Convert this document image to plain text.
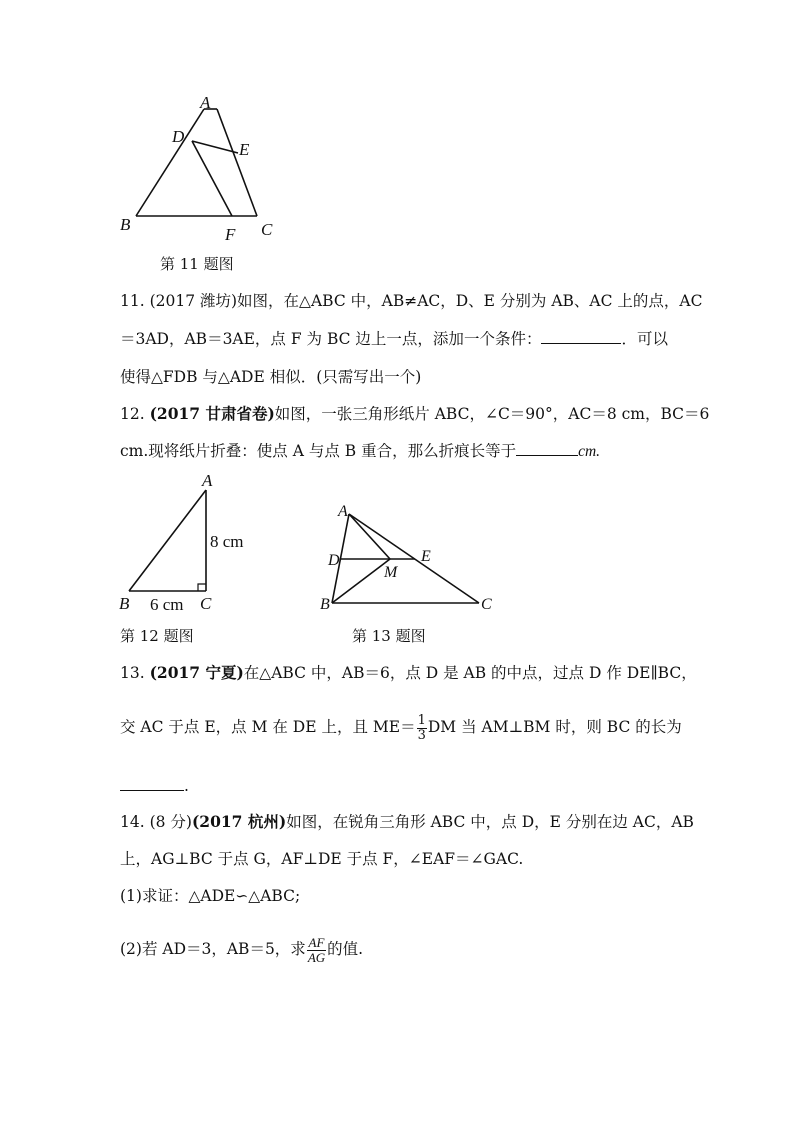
A
D
E
B
F C
第 11 题图
11. (2017 潍坊)如图，在△ABC 中，AB≠AC，D、E 分别为 AB、AC 上的点，AC
＝3AD，AB＝3AE，点 F 为 BC 边上一点，添加一个条件：	．可以
使得△FDB 与△ADE 相似．(只需写出一个)
12. (2017 甘肃省卷)如图，一张三角形纸片 ABC，∠C＝90°，AC＝8 cm，BC＝6
cm.现将纸片折叠：使点 A 与点 B 重合，那么折痕长等于	cm.
A
B	C
8 cm
6 cm
第 12 题图
A
D	E
M
B	C
第 13 题图
13. (2017 宁夏)在△ABC 中，AB＝6，点 D 是 AB 的中点，过点 D 作 DE∥BC，
交 AC 于点 E，点 M 在 DE 上，且 $ME= \frac{1}{3}$ DM 当 AM⊥BM 时，则 BC 的长为
.
14. (8 分)(2017 杭州)如图，在锐角三角形 ABC 中，点 D，E 分别在边 AC，AB
上，AG⊥BC 于点 G，AF⊥DE 于点 F，∠EAF＝∠GAC.
(1)求证：△ADE∽△ABC;
(2)若 AD＝3，AB＝5，求 $\frac{AF}{AG}$ 的值.
